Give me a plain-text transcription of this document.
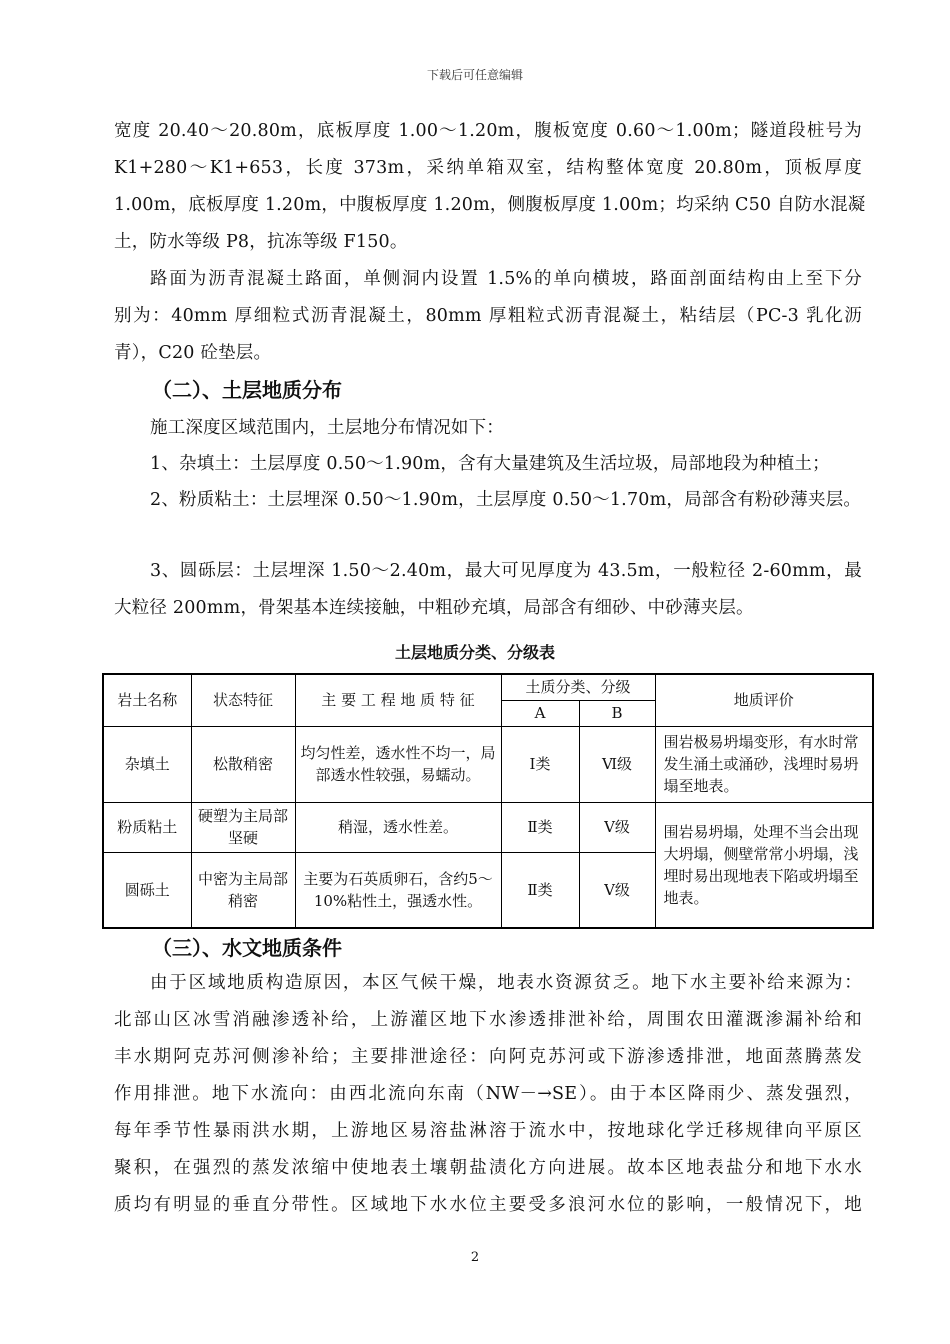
下载后可任意编辑
宽度 20.40～20.80m，底板厚度 1.00～1.20m，腹板宽度 0.60～1.00m；隧道段桩号为
K1+280～K1+653，长度 373m，采纳单箱双室，结构整体宽度 20.80m，顶板厚度
1.00m，底板厚度 1.20m，中腹板厚度 1.20m，侧腹板厚度 1.00m；均采纳 C50 自防水混凝
土，防水等级 P8，抗冻等级 F150。
路面为沥青混凝土路面，单侧洞内设置 1.5%的单向横坡，路面剖面结构由上至下分
别为：40mm 厚细粒式沥青混凝土，80mm 厚粗粒式沥青混凝土，粘结层（PC-3 乳化沥
青），C20 砼垫层。
（二）、土层地质分布
施工深度区域范围内，土层地分布情况如下：
1、杂填土：土层厚度 0.50～1.90m，含有大量建筑及生活垃圾，局部地段为种植土；
2、粉质粘土：土层埋深 0.50～1.90m，土层厚度 0.50～1.70m，局部含有粉砂薄夹层。
3、圆砾层：土层埋深 1.50～2.40m，最大可见厚度为 43.5m，一般粒径 2-60mm，最
大粒径 200mm，骨架基本连续接触，中粗砂充填，局部含有细砂、中砂薄夹层。
土层地质分类、分级表
岩土名称	状态特征	主 要 工 程 地 质 特 征	土质分类、分级		地质评价
			A	B	
杂填土	松散稍密	均匀性差，透水性不均一，局部透水性较强，易蠕动。	Ⅰ类	Ⅵ级	围岩极易坍塌变形，有水时常发生涌土或涌砂，浅埋时易坍塌至地表。
粉质粘土	硬塑为主局部坚硬	稍湿，透水性差。	Ⅱ类	Ⅴ级	围岩易坍塌，处理不当会出现大坍塌，侧壁常常小坍塌，浅埋时易出现地表下陷或坍塌至地表。
圆砾土	中密为主局部稍密	主要为石英质卵石，含约5～10%粘性土，强透水性。	Ⅱ类	Ⅴ级	
（三）、水文地质条件
由于区域地质构造原因，本区气候干燥，地表水资源贫乏。地下水主要补给来源为：
北部山区冰雪消融渗透补给，上游灌区地下水渗透排泄补给，周围农田灌溉渗漏补给和
丰水期阿克苏河侧渗补给；主要排泄途径：向阿克苏河或下游渗透排泄，地面蒸腾蒸发
作用排泄。地下水流向：由西北流向东南（NW－→SE）。由于本区降雨少、蒸发强烈，
每年季节性暴雨洪水期，上游地区易溶盐淋溶于流水中，按地球化学迁移规律向平原区
聚积，在强烈的蒸发浓缩中使地表土壤朝盐渍化方向进展。故本区地表盐分和地下水水
质均有明显的垂直分带性。区域地下水水位主要受多浪河水位的影响，一般情况下，地
2
